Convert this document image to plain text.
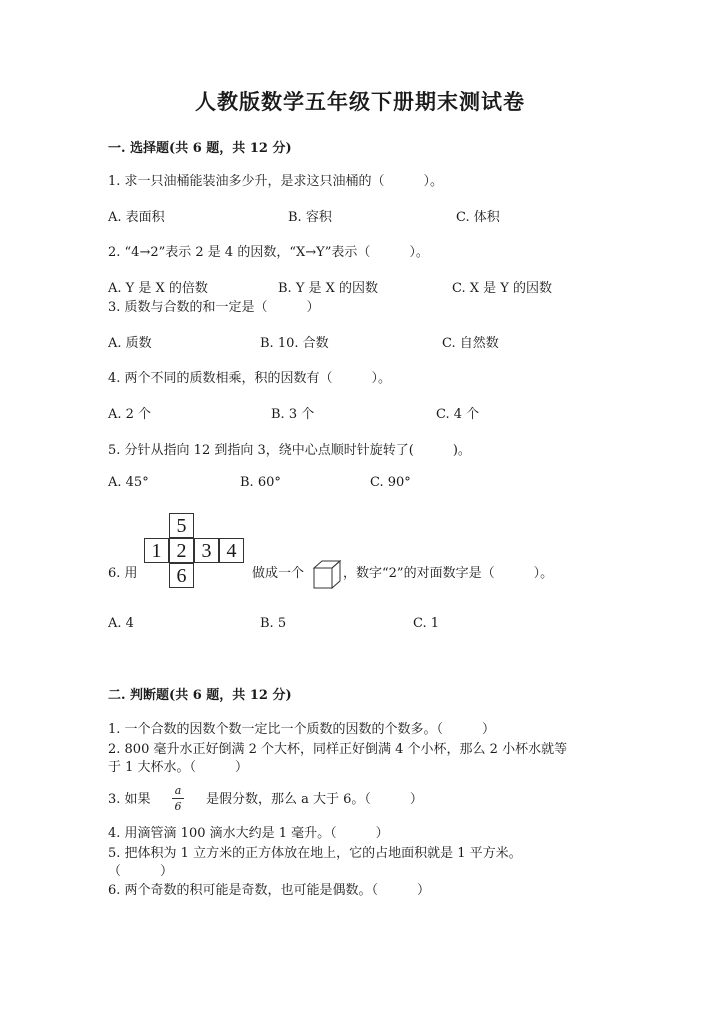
人教版数学五年级下册期末测试卷
一. 选择题(共 6 题，共 12 分)
1. 求一只油桶能装油多少升，是求这只油桶的（　　　）。
A. 表面积	B. 容积	C. 体积
2. “4→2”表示 2 是 4 的因数，“X→Y”表示（　　　）。
A. Y 是 X 的倍数	B. Y 是 X 的因数	C. X 是 Y 的因数
3. 质数与合数的和一定是（　　　）
A. 质数	B. 10. 合数	C. 自然数
4. 两个不同的质数相乘，积的因数有（　　　）。
A. 2 个	B. 3 个	C. 4 个
5. 分针从指向 12 到指向 3，绕中心点顺时针旋转了(　　　)。
A. 45°	B. 60°	C. 90°
6. 用
5
1 2 3 4
6	做成一个	，数字“2”的对面数字是（　　　）。
A. 4	B. 5	C. 1
二. 判断题(共 6 题，共 12 分)
1. 一个合数的因数个数一定比一个质数的因数的个数多。（　　　）
2. 800 毫升水正好倒满 2 个大杯，同样正好倒满 4 个小杯，那么 2 小杯水就等
于 1 大杯水。（　　　）
3. 如果
a
6 是假分数，那么 a 大于 6。（　　　）
4. 用滴管滴 100 滴水大约是 1 毫升。（　　　）
5. 把体积为 1 立方米的正方体放在地上，它的占地面积就是 1 平方米。
（　　　）
6. 两个奇数的积可能是奇数，也可能是偶数。（　　　）
